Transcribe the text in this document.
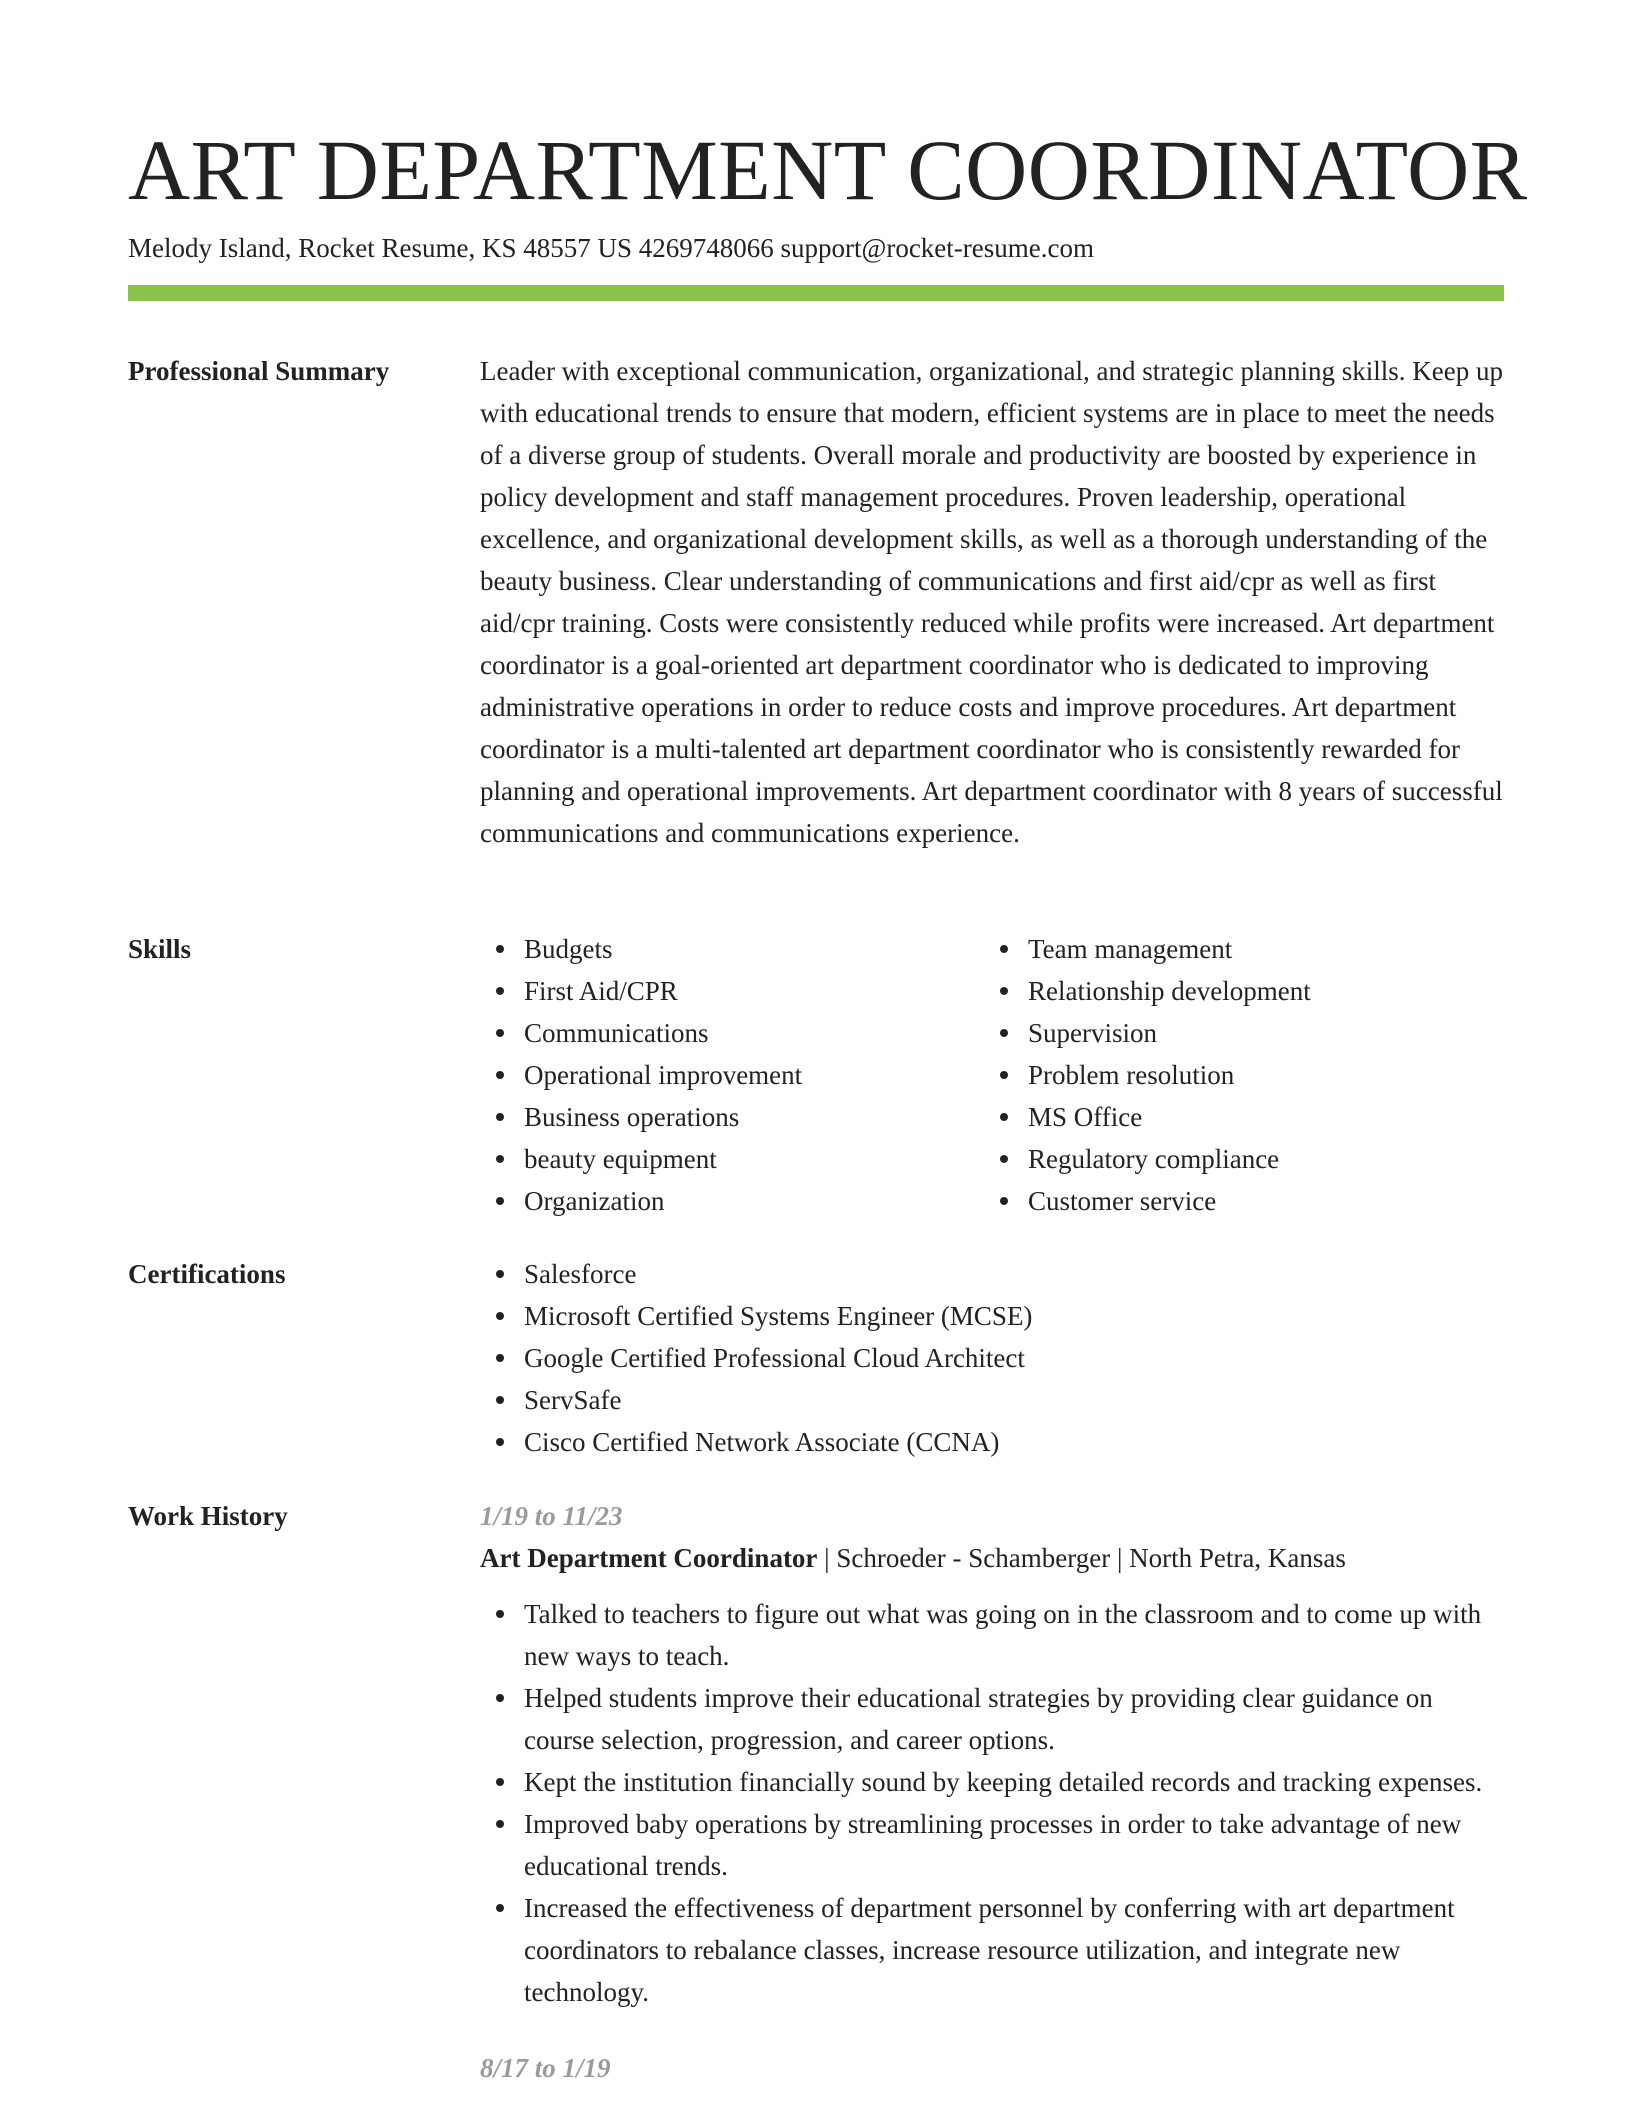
ART DEPARTMENT COORDINATOR
Melody Island, Rocket Resume, KS 48557 US 4269748066 support@rocket-resume.com
Professional Summary	Leader with exceptional communication, organizational, and strategic planning skills. Keep up with educational trends to ensure that modern, efficient systems are in place to meet the needs of a diverse group of students. Overall morale and productivity are boosted by experience in policy development and staff management procedures. Proven leadership, operational excellence, and organizational development skills, as well as a thorough understanding of the beauty business. Clear understanding of communications and first aid/cpr as well as first aid/cpr training. Costs were consistently reduced while profits were increased. Art department coordinator is a goal-oriented art department coordinator who is dedicated to improving administrative operations in order to reduce costs and improve procedures. Art department coordinator is a multi-talented art department coordinator who is consistently rewarded for planning and operational improvements. Art department coordinator with 8 years of successful communications and communications experience.

Skills	Budgets
First Aid/CPR
Communications
Operational improvement
Business operations
beauty equipment
Organization
Team management
Relationship development
Supervision
Problem resolution
MS Office
Regulatory compliance
Customer service
Certifications	Salesforce
Microsoft Certified Systems Engineer (MCSE)
Google Certified Professional Cloud Architect
ServSafe
Cisco Certified Network Associate (CCNA)
Work History	1/19 to 11/23
Art Department Coordinator | Schroeder - Schamberger | North Petra, Kansas
Talked to teachers to figure out what was going on in the classroom and to come up with new ways to teach.
Helped students improve their educational strategies by providing clear guidance on course selection, progression, and career options.
Kept the institution financially sound by keeping detailed records and tracking expenses.
Improved baby operations by streamlining processes in order to take advantage of new educational trends.
Increased the effectiveness of department personnel by conferring with art department coordinators to rebalance classes, increase resource utilization, and integrate new technology.
8/17 to 1/19
